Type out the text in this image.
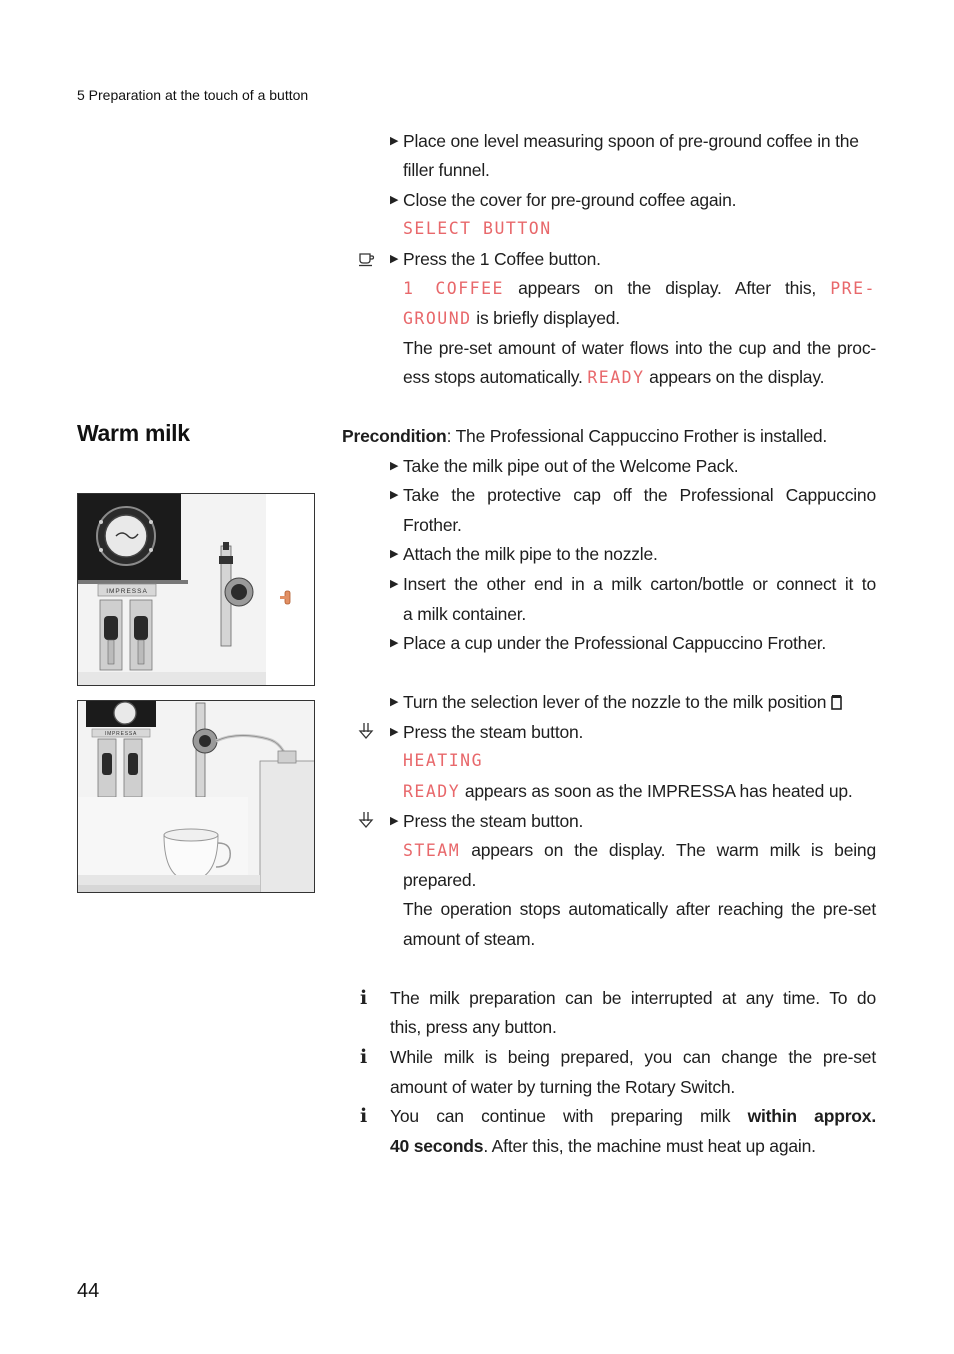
5 Preparation at the touch of a button
▶ Place one level measuring spoon of pre-ground coffee in the
filler funnel.
▶ Close the cover for pre-ground coffee again.
SELECT BUTTON
▶ Press the 1 Coffee button.
1 COFFEE appears on the display. After this, PRE-
GROUND is briefly displayed.
The pre-set amount of water flows into the cup and the proc-
ess stops automatically. READY appears on the display.
Warm milk	Precondition: The Professional Cappuccino Frother is installed.
▶ Take the milk pipe out of the Welcome Pack.
▶ Take the protective cap off the Professional Cappuccino
Frother.
▶ Attach the milk pipe to the nozzle.
▶ Insert the other end in a milk carton/bottle or connect it to
a milk container.
▶ Place a cup under the Professional Cappuccino Frother.
▶ Turn the selection lever of the nozzle to the milk position
▶ Press the steam button.
HEATING
READY appears as soon as the IMPRESSA has heated up.
▶ Press the steam button.
STEAM appears on the display. The warm milk is being
prepared.
The operation stops automatically after reaching the pre-set
amount of steam.
i The milk preparation can be interrupted at any time. To do
this, press any button.
i While milk is being prepared, you can change the pre-set
amount of water by turning the Rotary Switch.
i You can continue with preparing milk within approx.
40 seconds. After this, the machine must heat up again.
IMPRESSA
IMPRESSA
44
